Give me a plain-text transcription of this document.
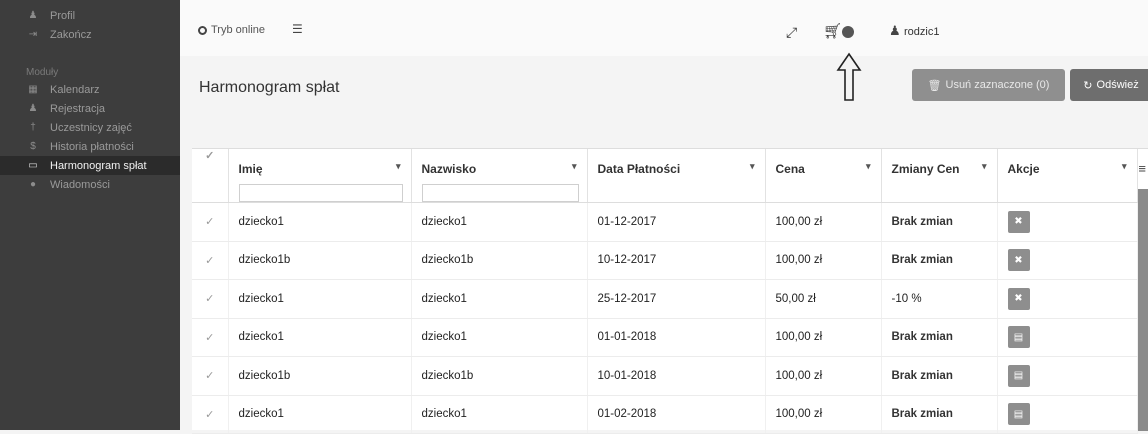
♟ Profil
⇥ Zakończ
Moduły
▦ Kalendarz
♟ Rejestracja
†	Uczestnicy zajęć
$	Historia płatności
▭ Harmonogram spłat
●	Wiadomości
Tryb online ☰	⤢ 🛒︎	♟ rodzic1
Harmonogram spłat	🗑︎ Usuń zaznaczone (0)	↻ Odśwież
✓	Imię ▾	Nazwisko ▾	Data Płatności ▾	Cena ▾	Zmiany Cen ▾	Akcje ▾

✓	dziecko1	dziecko1	01-12-2017	100,00 zł	Brak zmian	✖
✓	dziecko1b	dziecko1b	10-12-2017	100,00 zł	Brak zmian	✖
✓	dziecko1	dziecko1	25-12-2017	50,00 zł	-10 %	✖
✓	dziecko1	dziecko1	01-01-2018	100,00 zł	Brak zmian	▤
✓	dziecko1b	dziecko1b	10-01-2018	100,00 zł	Brak zmian	▤
✓	dziecko1	dziecko1	01-02-2018	100,00 zł	Brak zmian	▤
≡
